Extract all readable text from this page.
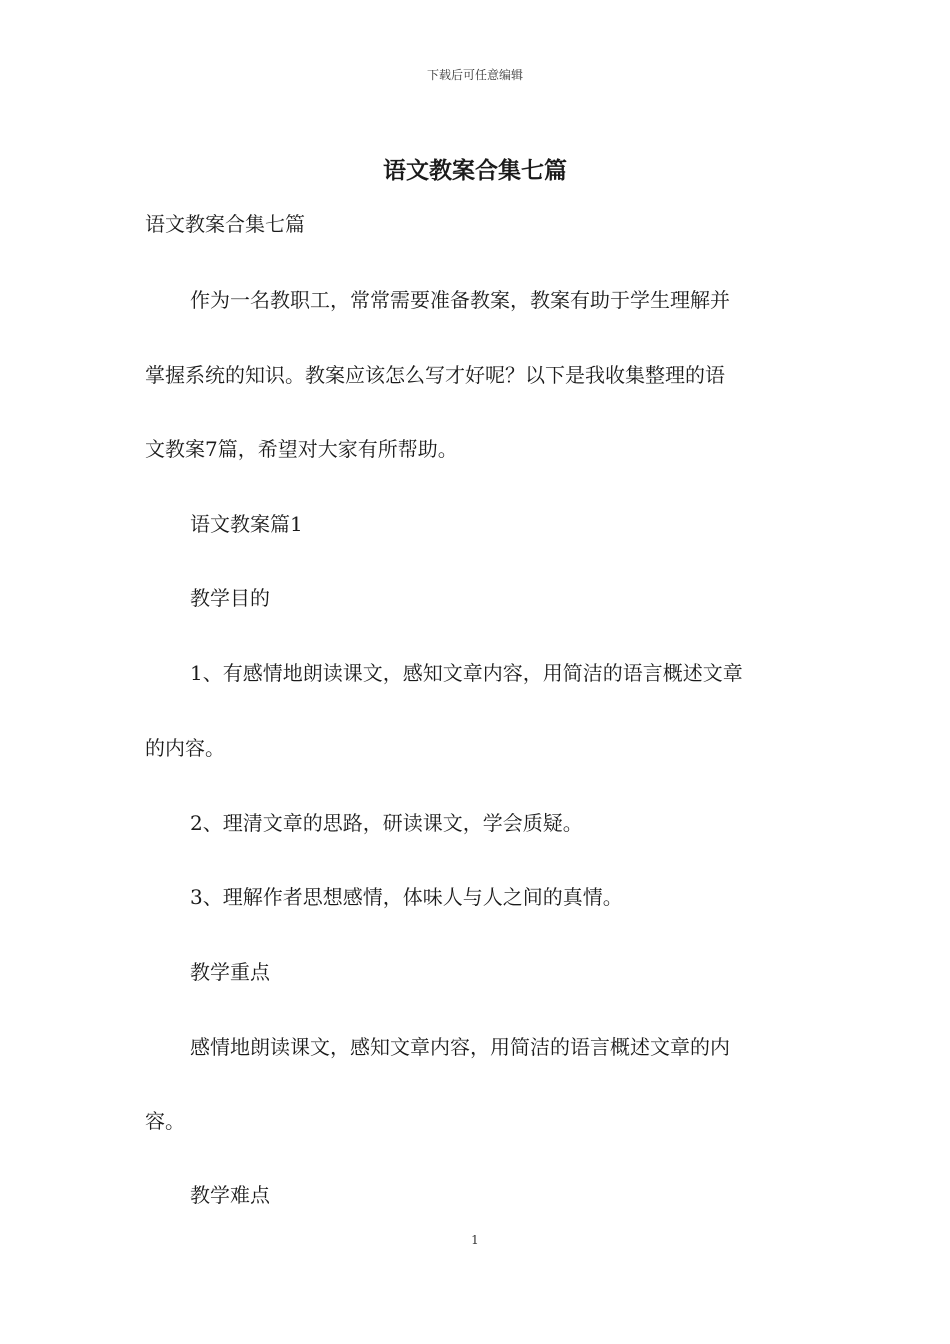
下载后可任意编辑
语文教案合集七篇
语文教案合集七篇
作为一名教职工，常常需要准备教案，教案有助于学生理解并
掌握系统的知识。教案应该怎么写才好呢？以下是我收集整理的语
文教案7篇，希望对大家有所帮助。
语文教案篇1
教学目的
1、有感情地朗读课文，感知文章内容，用简洁的语言概述文章
的内容。
2、理清文章的思路，研读课文，学会质疑。
3、理解作者思想感情，体味人与人之间的真情。
教学重点
感情地朗读课文，感知文章内容，用简洁的语言概述文章的内
容。
教学难点
1
